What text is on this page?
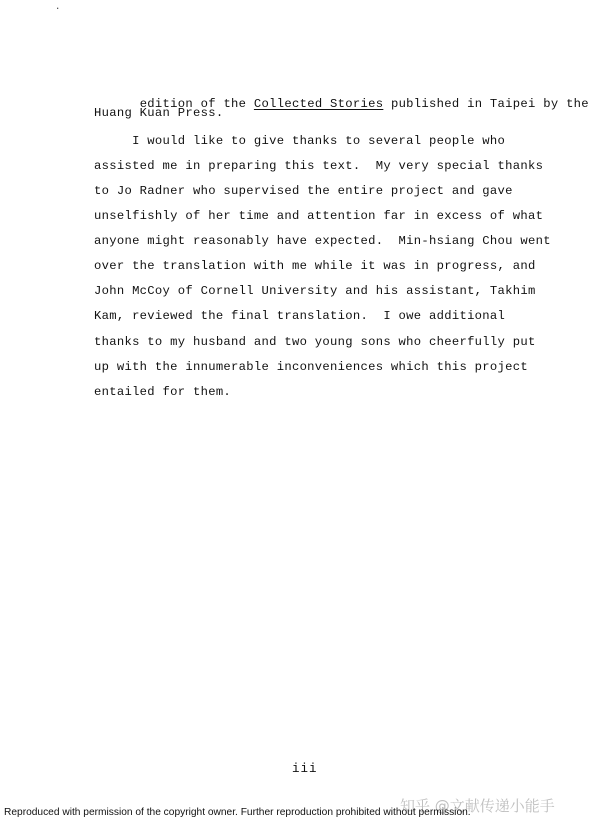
·

edition of the Collected Stories published in Taipei by the

Huang Kuan Press.
I would like to give thanks to several people who
assisted me in preparing this text.  My very special thanks
to Jo Radner who supervised the entire project and gave
unselfishly of her time and attention far in excess of what
anyone might reasonably have expected.  Min-hsiang Chou went
over the translation with me while it was in progress, and
John McCoy of Cornell University and his assistant, Takhim
Kam, reviewed the final translation.  I owe additional
thanks to my husband and two young sons who cheerfully put
up with the innumerable inconveniences which this project
entailed for them.
iii
知乎 @文献传递小能手
Reproduced with permission of the copyright owner. Further reproduction prohibited without permission.
